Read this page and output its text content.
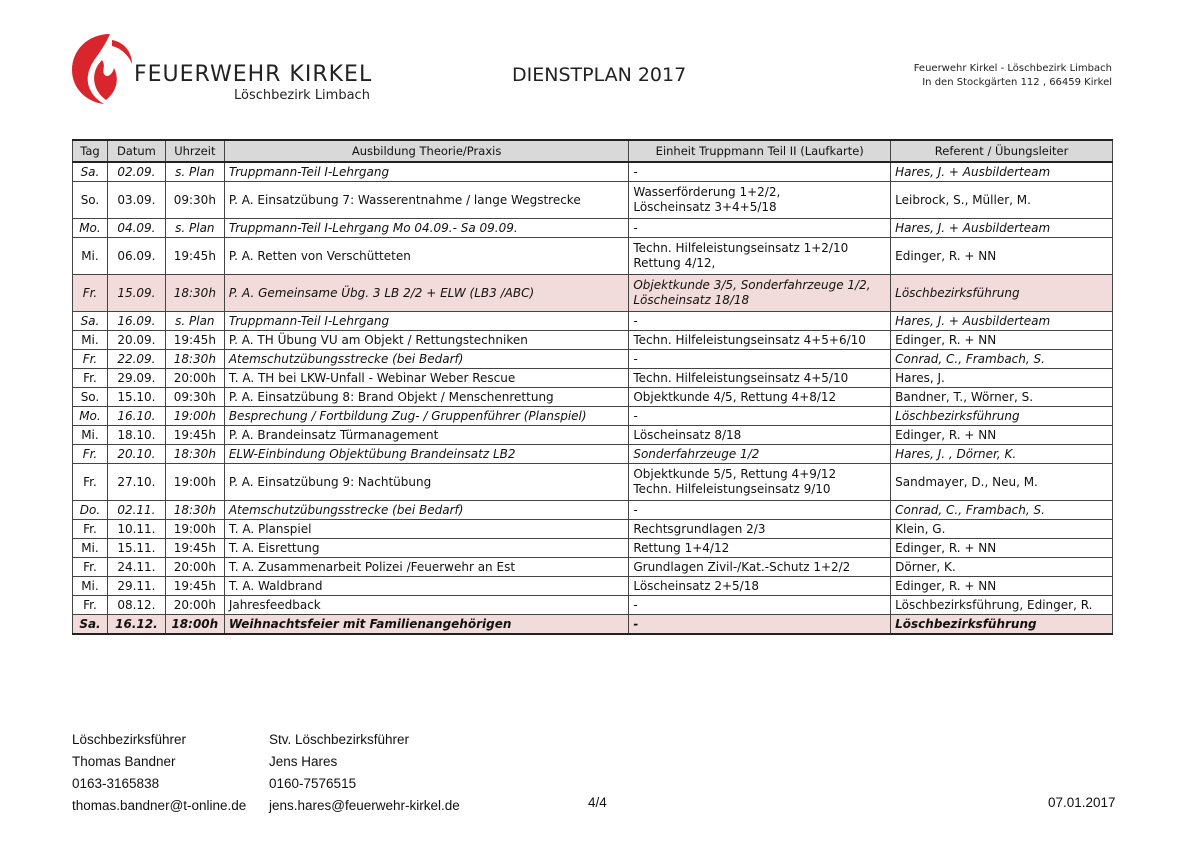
FEUERWEHR KIRKEL
Löschbezirk Limbach
DIENSTPLAN 2017	Feuerwehr Kirkel - Löschbezirk Limbach
In den Stockgärten 112 , 66459 Kirkel
Tag	Datum	Uhrzeit	Ausbildung Theorie/Praxis	Einheit Truppmann Teil II (Laufkarte)	Referent / Übungsleiter
Sa.	02.09.	s. Plan	Truppmann-Teil I-Lehrgang	-	Hares, J. + Ausbilderteam
So.	03.09.	09:30h	P. A. Einsatzübung 7: Wasserentnahme / lange Wegstrecke	Wasserförderung 1+2/2,
Löscheinsatz 3+4+5/18	Leibrock, S., Müller, M.
Mo.	04.09.	s. Plan	Truppmann-Teil I-Lehrgang Mo 04.09.- Sa 09.09.	-	Hares, J. + Ausbilderteam
Mi.	06.09.	19:45h	P. A. Retten von Verschütteten	Techn. Hilfeleistungseinsatz 1+2/10
Rettung 4/12,	Edinger, R. + NN
Fr.	15.09.	18:30h	P. A. Gemeinsame Übg. 3 LB 2/2 + ELW (LB3 /ABC)	Objektkunde 3/5, Sonderfahrzeuge 1/2,
Löscheinsatz 18/18	Löschbezirksführung
Sa.	16.09.	s. Plan	Truppmann-Teil I-Lehrgang	-	Hares, J. + Ausbilderteam
Mi.	20.09.	19:45h	P. A. TH Übung VU am Objekt / Rettungstechniken	Techn. Hilfeleistungseinsatz 4+5+6/10	Edinger, R. + NN
Fr.	22.09.	18:30h	Atemschutzübungsstrecke (bei Bedarf)	-	Conrad, C., Frambach, S.
Fr.	29.09.	20:00h	T. A. TH bei LKW-Unfall - Webinar Weber Rescue	Techn. Hilfeleistungseinsatz 4+5/10	Hares, J.
So.	15.10.	09:30h	P. A. Einsatzübung 8: Brand Objekt / Menschenrettung	Objektkunde 4/5, Rettung 4+8/12	Bandner, T., Wörner, S.
Mo.	16.10.	19:00h	Besprechung / Fortbildung Zug- / Gruppenführer (Planspiel)	-	Löschbezirksführung
Mi.	18.10.	19:45h	P. A. Brandeinsatz Türmanagement	Löscheinsatz 8/18	Edinger, R. + NN
Fr.	20.10.	18:30h	ELW-Einbindung Objektübung Brandeinsatz LB2	Sonderfahrzeuge 1/2	Hares, J. , Dörner, K.
Fr.	27.10.	19:00h	P. A. Einsatzübung 9: Nachtübung	Objektkunde 5/5, Rettung 4+9/12
Techn. Hilfeleistungseinsatz 9/10	Sandmayer, D., Neu, M.
Do.	02.11.	18:30h	Atemschutzübungsstrecke (bei Bedarf)	-	Conrad, C., Frambach, S.
Fr.	10.11.	19:00h	T. A. Planspiel	Rechtsgrundlagen 2/3	Klein, G.
Mi.	15.11.	19:45h	T. A. Eisrettung	Rettung 1+4/12	Edinger, R. + NN
Fr.	24.11.	20:00h	T. A. Zusammenarbeit Polizei /Feuerwehr an Est	Grundlagen Zivil-/Kat.-Schutz 1+2/2	Dörner, K.
Mi.	29.11.	19:45h	T. A. Waldbrand	Löscheinsatz 2+5/18	Edinger, R. + NN
Fr.	08.12.	20:00h	Jahresfeedback	-	Löschbezirksführung, Edinger, R.
Sa.	16.12.	18:00h	Weihnachtsfeier mit Familienangehörigen	-	Löschbezirksführung
Löschbezirksführer
Thomas Bandner
0163-3165838
thomas.bandner@t-online.de
Stv. Löschbezirksführer
Jens Hares
0160-7576515
jens.hares@feuerwehr-kirkel.de	4/4	07.01.2017
